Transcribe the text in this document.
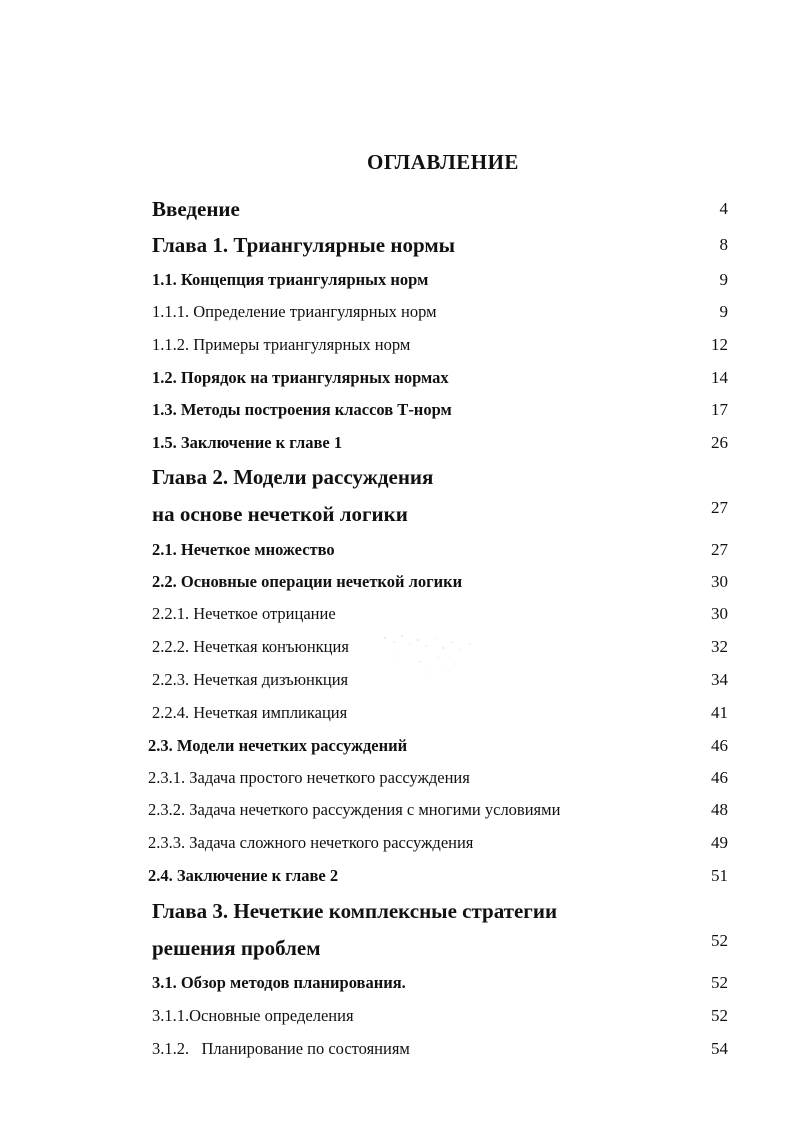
ОГЛАВЛЕНИЕ
Введение	4
Глава 1. Триангулярные нормы	8
1.1. Концепция триангулярных норм	9
1.1.1. Определение триангулярных норм	9
1.1.2. Примеры триангулярных норм	12
1.2. Порядок на триангулярных нормах	14
1.3. Методы построения классов Т-норм	17
1.5. Заключение к главе 1	26
Глава 2. Модели рассуждения
на основе нечеткой логики	27
2.1. Нечеткое множество	27
2.2. Основные операции нечеткой логики	30
2.2.1. Нечеткое отрицание	30
2.2.2. Нечеткая конъюнкция	32
2.2.3. Нечеткая дизъюнкция	34
2.2.4. Нечеткая импликация	41
2.3. Модели нечетких рассуждений	46
2.3.1. Задача простого нечеткого рассуждения	46
2.3.2. Задача нечеткого рассуждения с многими условиями	48
2.3.3. Задача сложного нечеткого рассуждения	49
2.4. Заключение к главе 2	51
Глава 3. Нечеткие комплексные стратегии
решения проблем	52
3.1. Обзор методов планирования.	52
3.1.1.Основные определения	52
3.1.2.   Планирование по состояниям	54
